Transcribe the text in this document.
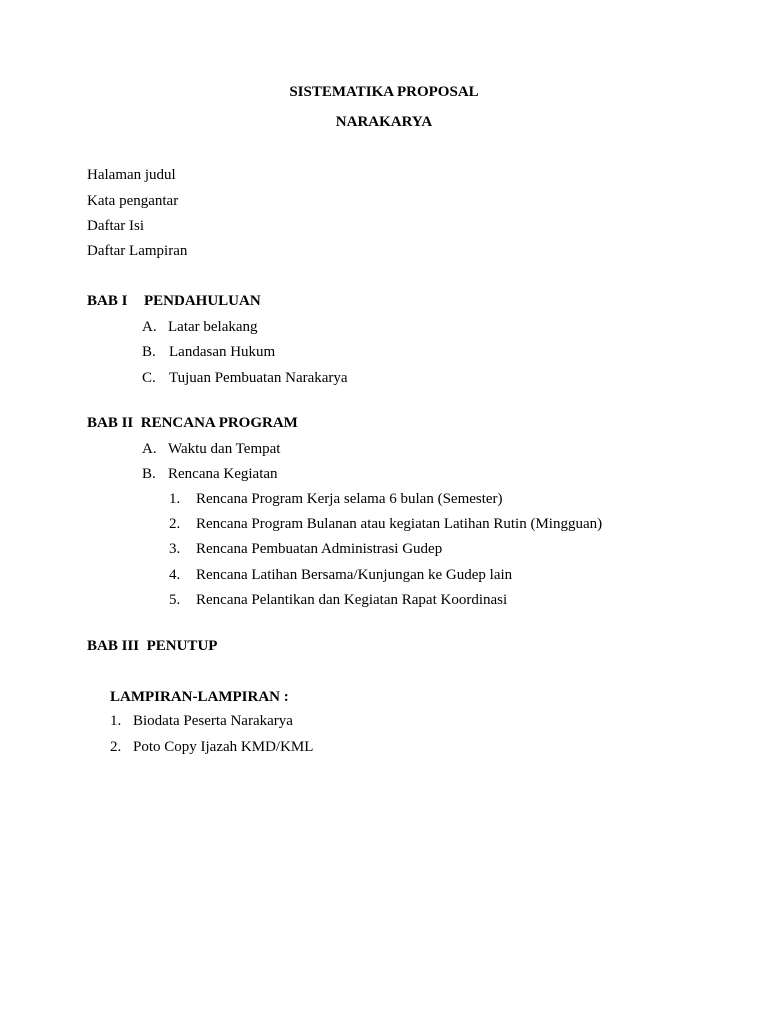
SISTEMATIKA PROPOSAL
NARAKARYA
Halaman judul
Kata pengantar
Daftar Isi
Daftar Lampiran
BAB I PENDAHULUAN
A. Latar belakang
B. Landasan Hukum
C. Tujuan Pembuatan Narakarya
BAB II  RENCANA PROGRAM
A. Waktu dan Tempat
B. Rencana Kegiatan
1. Rencana Program Kerja selama 6 bulan (Semester)
2. Rencana Program Bulanan atau kegiatan Latihan Rutin (Mingguan)
3. Rencana Pembuatan Administrasi Gudep
4. Rencana Latihan Bersama/Kunjungan ke Gudep lain
5. Rencana Pelantikan dan Kegiatan Rapat Koordinasi
BAB III  PENUTUP
LAMPIRAN-LAMPIRAN :
1. Biodata Peserta Narakarya
2. Poto Copy Ijazah KMD/KML
